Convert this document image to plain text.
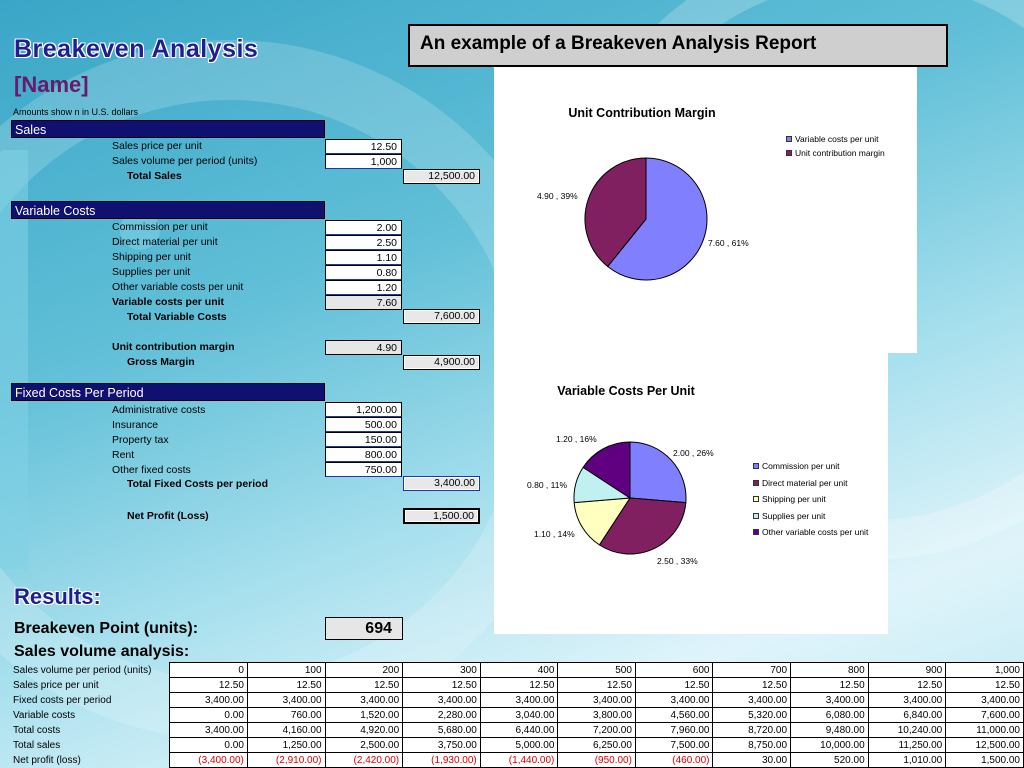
Breakeven Analysis
[Name]
Amounts show n in U.S. dollars
An example of a Breakeven Analysis Report
Sales
Sales price per unit	12.50
Sales volume per period (units)	1,000
Total Sales	12,500.00
Variable Costs
Commission per unit	2.00
Direct material per unit	2.50
Shipping per unit	1.10
Supplies per unit	0.80
Other variable costs per unit	1.20
Variable costs per unit	7.60
Total Variable Costs	7,600.00
Unit contribution margin	4.90
Gross Margin	4,900.00
Fixed Costs Per Period
Administrative costs	1,200.00
Insurance	500.00
Property tax	150.00
Rent	800.00
Other fixed costs	750.00
Total Fixed Costs per period	3,400.00
Net Profit (Loss)	1,500.00
Results:
Breakeven Point (units):	694
Sales volume analysis:
Sales volume per period (units)	0	100	200	300	400	500	600	700	800	900	1,000
Sales price per unit	12.50	12.50	12.50	12.50	12.50	12.50	12.50	12.50	12.50	12.50	12.50
Fixed costs per period	3,400.00	3,400.00	3,400.00	3,400.00	3,400.00	3,400.00	3,400.00	3,400.00	3,400.00	3,400.00	3,400.00
Variable costs	0.00	760.00	1,520.00	2,280.00	3,040.00	3,800.00	4,560.00	5,320.00	6,080.00	6,840.00	7,600.00
Total costs	3,400.00	4,160.00	4,920.00	5,680.00	6,440.00	7,200.00	7,960.00	8,720.00	9,480.00	10,240.00	11,000.00
Total sales	0.00	1,250.00	2,500.00	3,750.00	5,000.00	6,250.00	7,500.00	8,750.00	10,000.00	11,250.00	12,500.00
Net profit (loss)	(3,400.00)	(2,910.00)	(2,420.00)	(1,930.00)	(1,440.00)	(950.00)	(460.00)	30.00	520.00	1,010.00	1,500.00
Unit Contribution Margin
4.90 , 39%
7.60 , 61%
Variable costs per unit
Unit contribution margin
Variable Costs Per Unit
2.00 , 26%
2.50 , 33%
1.10 , 14%
0.80 , 11%
1.20 , 16%
Commission per unit
Direct material per unit
Shipping per unit
Supplies per unit
Other variable costs per unit
